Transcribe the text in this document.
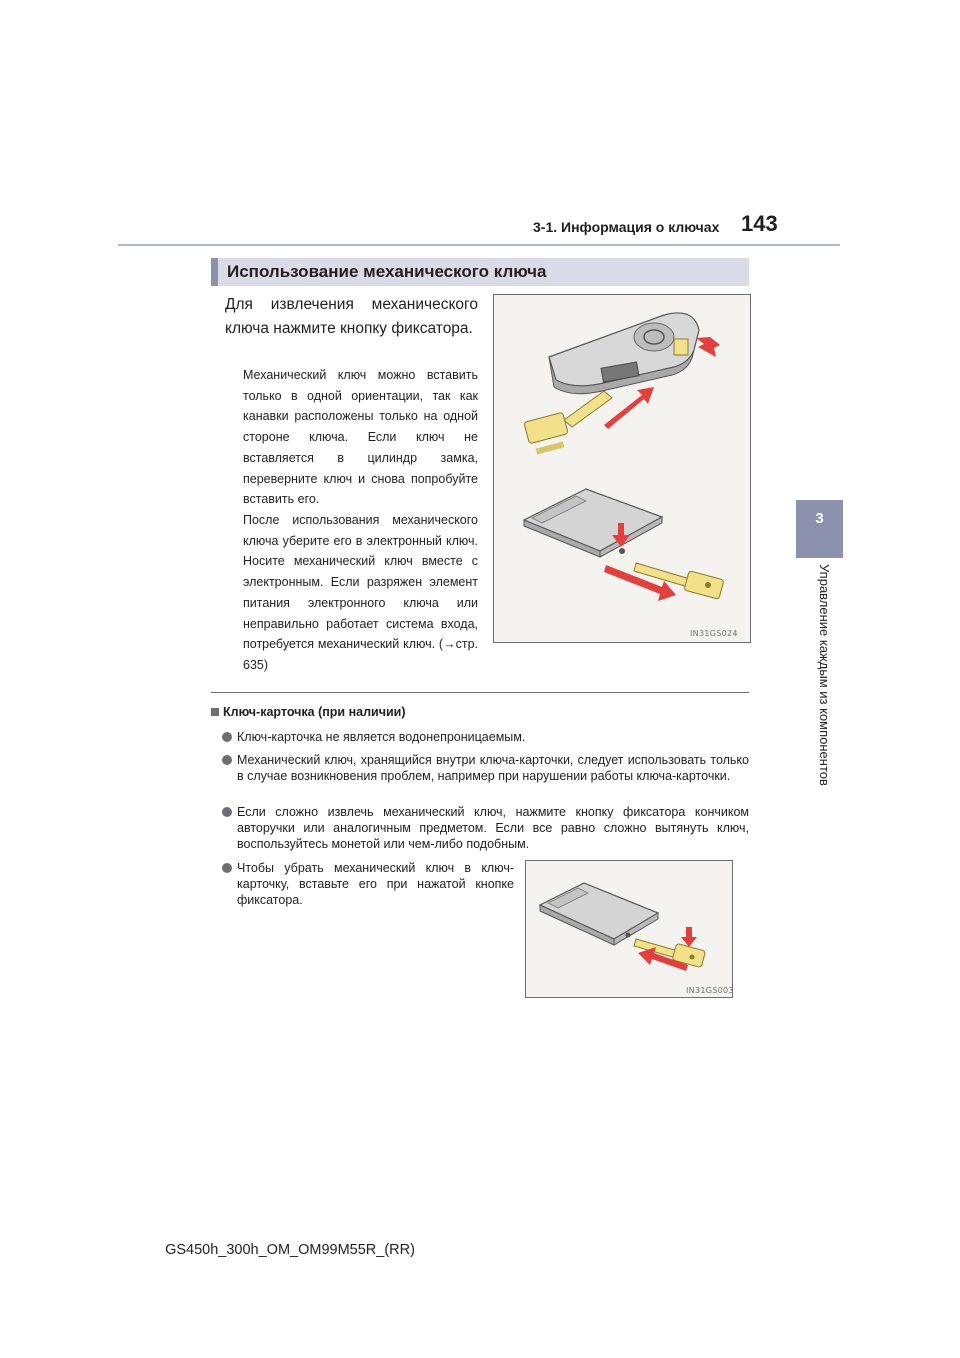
3-1. Информация о ключах 143
3
Управление каждым из компонентов
Использование механического ключа
Для извлечения механического ключа нажмите кнопку фиксатора.
Механический ключ можно вставить только в одной ориентации, так как канавки расположены только на одной стороне ключа. Если ключ не вставляется в цилиндр замка, переверните ключ и снова попробуйте вставить его.
После использования механического ключа уберите его в электронный ключ. Носите механический ключ вместе с электронным. Если разряжен элемент питания электронного ключа или неправильно работает система входа, потребуется механический ключ. (→стр. 635)
IN31GS024
Ключ-карточка (при наличии)
Ключ-карточка не является водонепроницаемым.
Механический ключ, хранящийся внутри ключа-карточки, следует использовать только в случае возникновения проблем, например при нарушении работы ключа-карточки.
Если сложно извлечь механический ключ, нажмите кнопку фиксатора кончиком авторучки или аналогичным предметом. Если все равно сложно вытянуть ключ, воспользуйтесь монетой или чем-либо подобным.
Чтобы убрать механический ключ в ключ-карточку, вставьте его при нажатой кнопке фиксатора.
IN31GS003
GS450h_300h_OM_OM99M55R_(RR)
